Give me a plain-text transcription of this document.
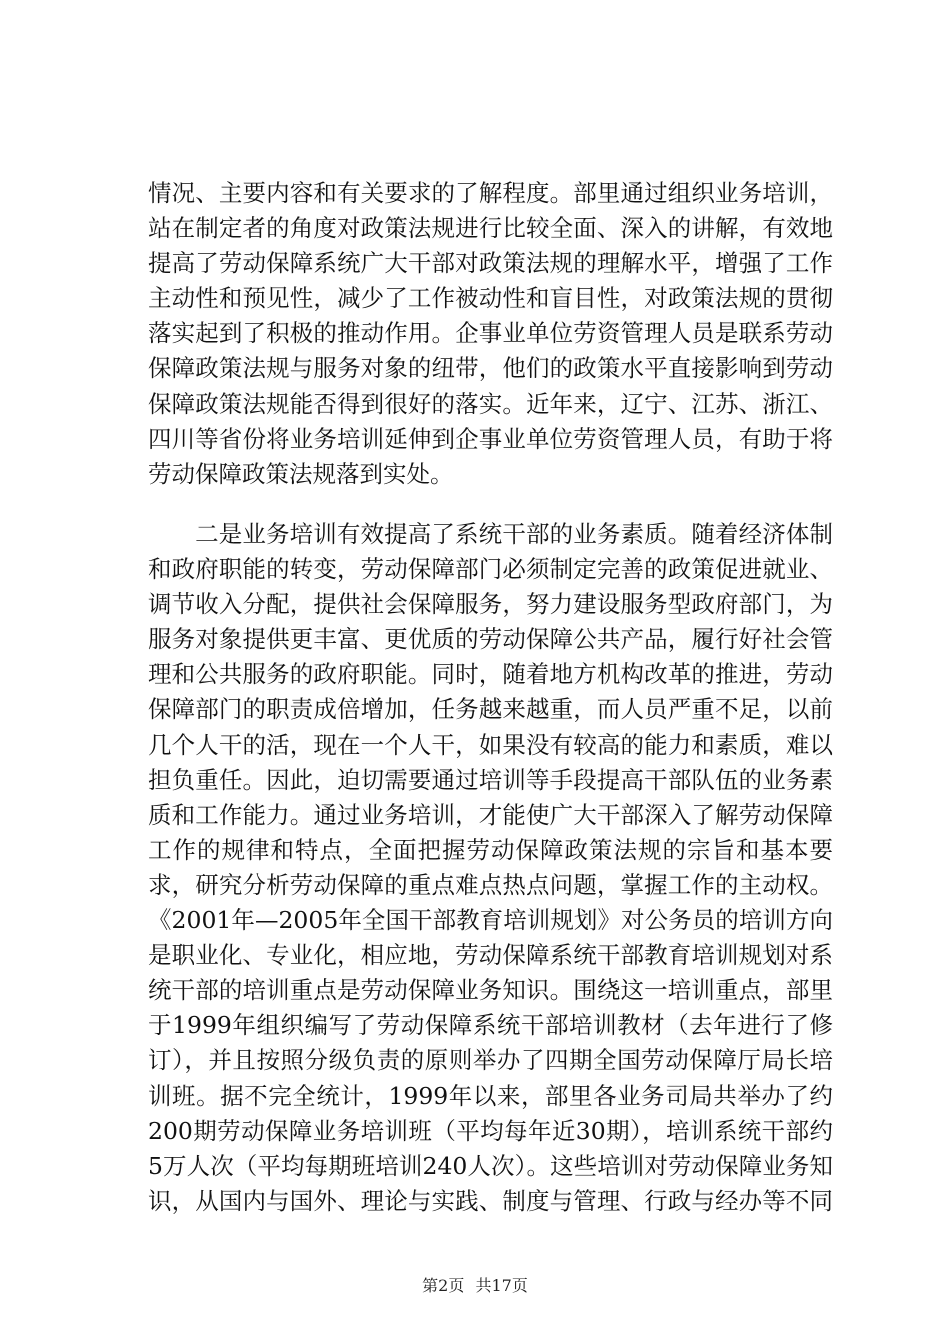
情况、主要内容和有关要求的了解程度。部里通过组织业务培训，站在制定者的角度对政策法规进行比较全面、深入的讲解，有效地提高了劳动保障系统广大干部对政策法规的理解水平，增强了工作主动性和预见性，减少了工作被动性和盲目性，对政策法规的贯彻落实起到了积极的推动作用。企事业单位劳资管理人员是联系劳动保障政策法规与服务对象的纽带，他们的政策水平直接影响到劳动保障政策法规能否得到很好的落实。近年来，辽宁、江苏、浙江、四川等省份将业务培训延伸到企事业单位劳资管理人员，有助于将劳动保障政策法规落到实处。
二是业务培训有效提高了系统干部的业务素质。随着经济体制和政府职能的转变，劳动保障部门必须制定完善的政策促进就业、调节收入分配，提供社会保障服务，努力建设服务型政府部门，为服务对象提供更丰富、更优质的劳动保障公共产品，履行好社会管理和公共服务的政府职能。同时，随着地方机构改革的推进，劳动保障部门的职责成倍增加，任务越来越重，而人员严重不足，以前几个人干的活，现在一个人干，如果没有较高的能力和素质，难以担负重任。因此，迫切需要通过培训等手段提高干部队伍的业务素质和工作能力。通过业务培训，才能使广大干部深入了解劳动保障工作的规律和特点，全面把握劳动保障政策法规的宗旨和基本要求，研究分析劳动保障的重点难点热点问题，掌握工作的主动权。《2001年—2005年全国干部教育培训规划》对公务员的培训方向是职业化、专业化，相应地，劳动保障系统干部教育培训规划对系统干部的培训重点是劳动保障业务知识。围绕这一培训重点，部里于1999年组织编写了劳动保障系统干部培训教材（去年进行了修订），并且按照分级负责的原则举办了四期全国劳动保障厅局长培训班。据不完全统计，1999年以来，部里各业务司局共举办了约200期劳动保障业务培训班（平均每年近30期），培训系统干部约5万人次（平均每期班培训240人次）。这些培训对劳动保障业务知识，从国内与国外、理论与实践、制度与管理、行政与经办等不同
第2页 共17页
